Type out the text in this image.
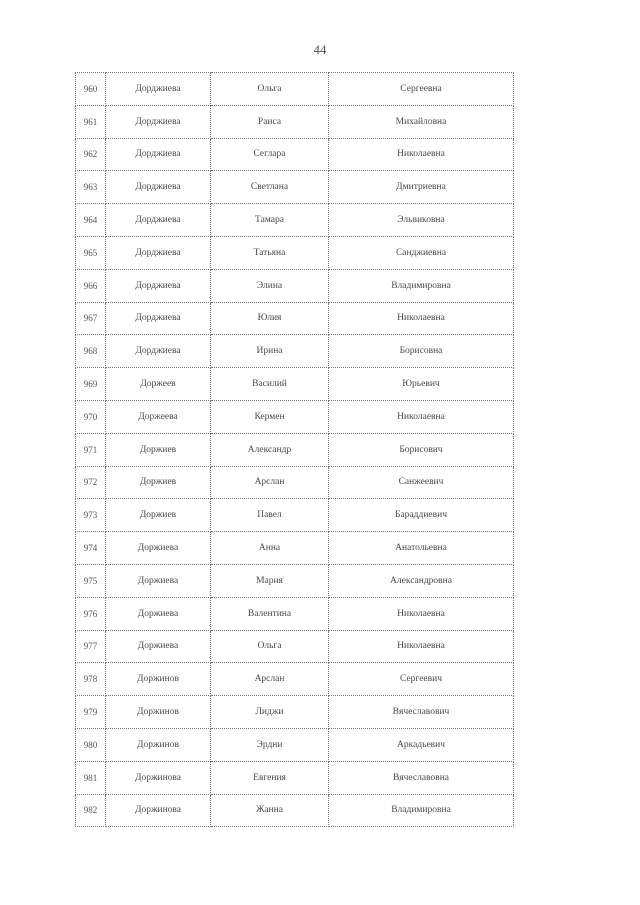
44
960	Дорджиева	Ольга	Сергеевна
961	Дорджиева	Раиса	Михайловна
962	Дорджиева	Сеглара	Николаевна
963	Дорджиева	Светлана	Дмитриевна
964	Дорджиева	Тамара	Эльвиковна
965	Дорджиева	Татьяна	Санджиевна
966	Дорджиева	Элина	Владимировна
967	Дорджиева	Юлия	Николаевна
968	Дорджиева	Ирина	Борисовна
969	Доржеев	Василий	Юрьевич
970	Доржеева	Кермен	Николаевна
971	Доржиев	Александр	Борисович
972	Доржиев	Арслан	Санжеевич
973	Доржиев	Павел	Бараддиевич
974	Доржиева	Анна	Анатольевна
975	Доржиева	Мария	Александровна
976	Доржиева	Валентина	Николаевна
977	Доржиева	Ольга	Николаевна
978	Доржинов	Арслан	Сергеевич
979	Доржинов	Лиджи	Вячеславович
980	Доржинов	Эрдни	Аркадьевич
981	Доржинова	Евгения	Вячеславовна
982	Доржинова	Жанна	Владимировна
